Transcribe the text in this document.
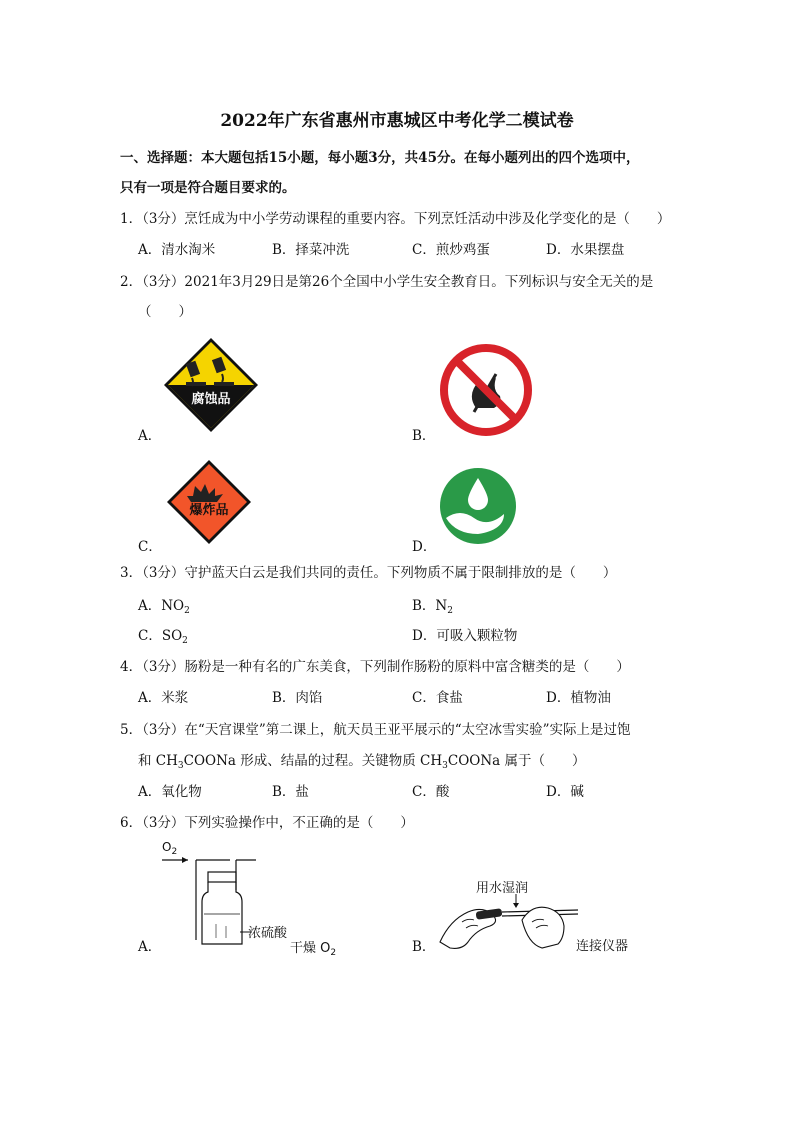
2022年广东省惠州市惠城区中考化学二模试卷
一、选择题：本大题包括15小题，每小题3分，共45分。在每小题列出的四个选项中，
只有一项是符合题目要求的。
1．（3分）烹饪成为中小学劳动课程的重要内容。下列烹饪活动中涉及化学变化的是（　　）
A．清水淘米	B．择菜冲洗	C．煎炒鸡蛋	D．水果摆盘
2．（3分）2021年3月29日是第26个全国中小学生安全教育日。下列标识与安全无关的是
（　　）
A．
腐蚀品
B．
C．
爆炸品
D．
3．（3分）守护蓝天白云是我们共同的责任。下列物质不属于限制排放的是（　　）
A．$NO_2$	B．$N_2$
C．$SO_2$	D．可吸入颗粒物
4．（3分）肠粉是一种有名的广东美食，下列制作肠粉的原料中富含糖类的是（　　）
A．米浆	B．肉馅	C．食盐	D．植物油
5．（3分）在“天宫课堂”第二课上，航天员王亚平展示的“太空冰雪实验”实际上是过饱
和 $CH_3COONa$ 形成、结晶的过程。关键物质 $CH_3COONa$ 属于（　　）
A．氧化物	B．盐	C．酸	D．碱
6．（3分）下列实验操作中，不正确的是（　　）
A．
$O_2$
浓硫酸
干燥 $O_2$	B．
用水湿润
连接仪器
